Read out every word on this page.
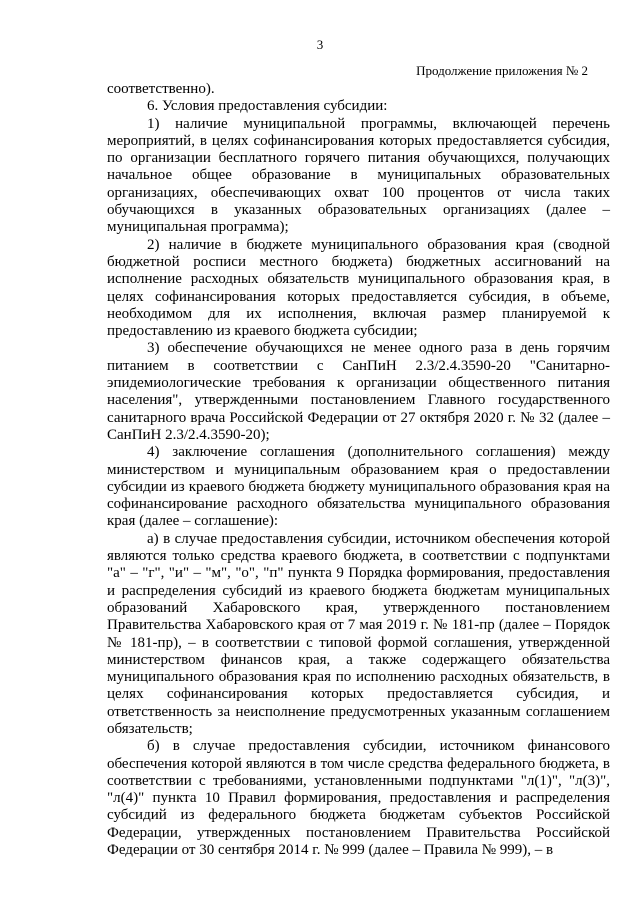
3
Продолжение приложения № 2

соответственно).

6. Условия предоставления субсидии:

1) наличие муниципальной программы, включающей перечень мероприятий, в целях софинансирования которых предоставляется субсидия, по организации бесплатного горячего питания обучающихся, получающих начальное общее образование в муниципальных образовательных организациях, обеспечивающих охват 100 процентов от числа таких обучающихся в указанных образовательных организациях (далее – муниципальная программа);

2) наличие в бюджете муниципального образования края (сводной бюджетной росписи местного бюджета) бюджетных ассигнований на исполнение расходных обязательств муниципального образования края, в целях софинансирования которых предоставляется субсидия, в объеме, необходимом для их исполнения, включая размер планируемой к предоставлению из краевого бюджета субсидии;

3) обеспечение обучающихся не менее одного раза в день горячим питанием в соответствии с СанПиН 2.3/2.4.3590-20 "Санитарно-эпидемиологические требования к организации общественного питания населения", утвержденными постановлением Главного государственного санитарного врача Российской Федерации от 27 октября 2020 г. № 32 (далее – СанПиН 2.3/2.4.3590-20);

4) заключение соглашения (дополнительного соглашения) между министерством и муниципальным образованием края о предоставлении субсидии из краевого бюджета бюджету муниципального образования края на софинансирование расходного обязательства муниципального образования края (далее – соглашение):

а) в случае предоставления субсидии, источником обеспечения которой являются только средства краевого бюджета, в соответствии с подпунктами "а" – "г", "и" – "м", "о", "п" пункта 9 Порядка формирования, предоставления и распределения субсидий из краевого бюджета бюджетам муниципальных образований Хабаровского края, утвержденного постановлением Правительства Хабаровского края от 7 мая 2019 г. № 181-пр (далее – Порядок № 181-пр), – в соответствии с типовой формой соглашения, утвержденной министерством финансов края, а также содержащего обязательства муниципального образования края по исполнению расходных обязательств, в целях софинансирования которых предоставляется субсидия, и ответственность за неисполнение предусмотренных указанным соглашением обязательств;

б) в случае предоставления субсидии, источником финансового обеспечения которой являются в том числе средства федерального бюджета, в соответствии с требованиями, установленными подпунктами "л(1)", "л(3)", "л(4)" пункта 10 Правил формирования, предоставления и распределения субсидий из федерального бюджета бюджетам субъектов Российской Федерации, утвержденных постановлением Правительства Российской Федерации от 30 сентября 2014 г. № 999 (далее – Правила № 999), – в
